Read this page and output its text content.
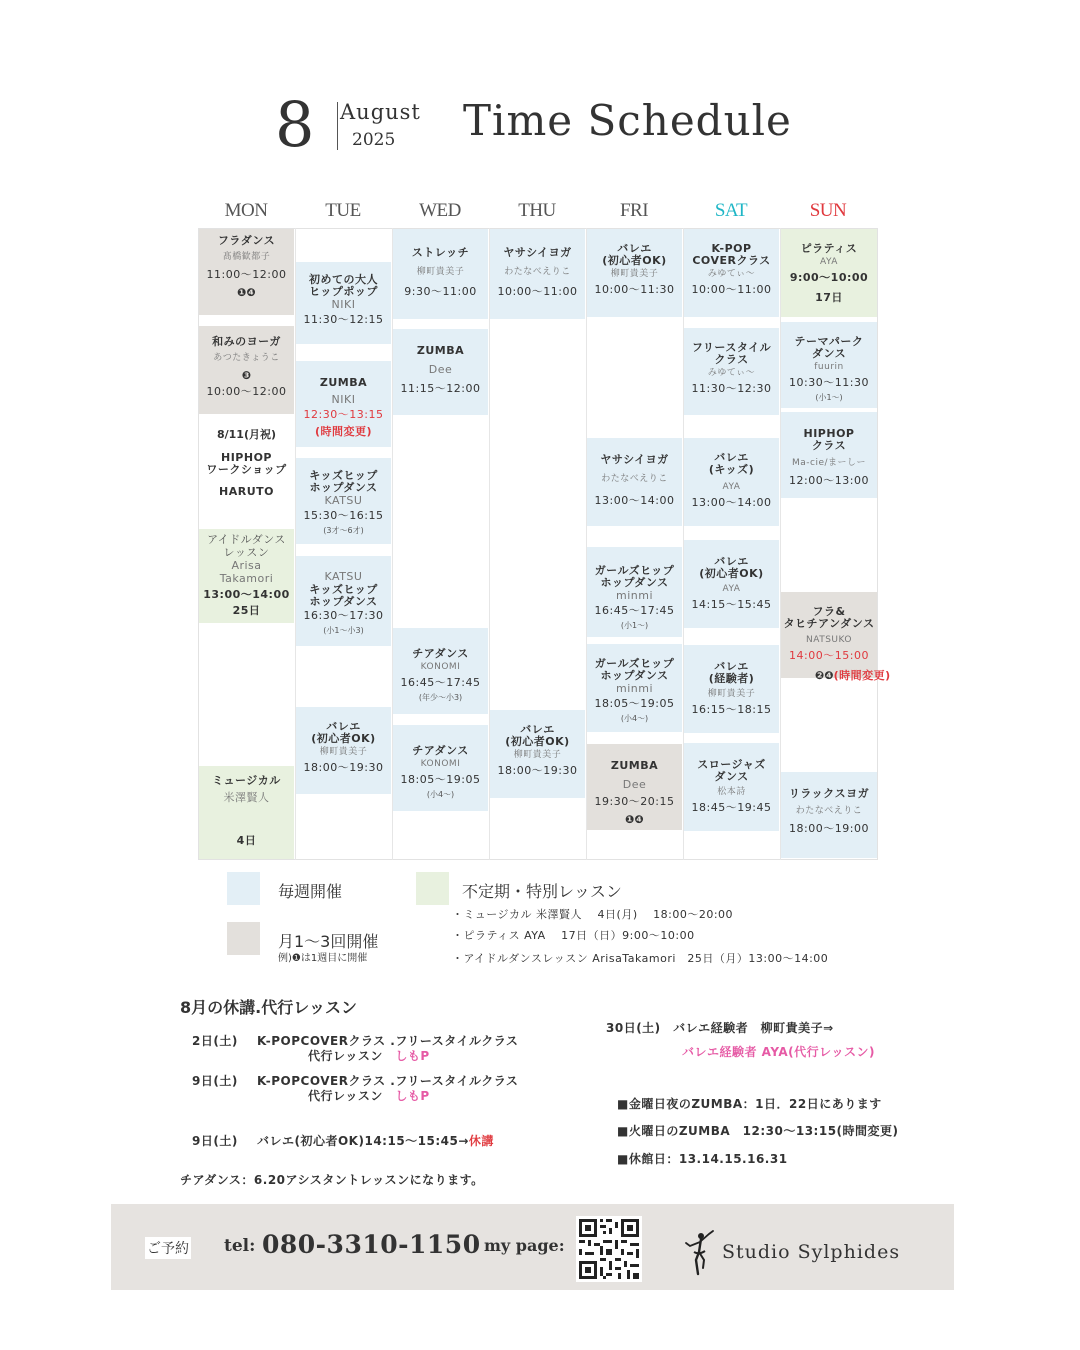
8 August
2025 Time Schedule
MON	TUE	WED	THU	FRI	SAT	SUN
フラダンス
髙橋歓都子
11:00〜12:00
❶❹
和みのヨーガ
あつたきょうこ
❸
10:00〜12:00
8/11(月祝)
HIPHOP
ワークショップ
HARUTO
アイドルダンス
レッスン
Arisa
Takamori
13:00〜14:00
25日
ミュージカル
米澤賢人
4日
初めての大人
ヒップポップ
NIKI
11:30〜12:15
ZUMBA
NIKI
12:30〜13:15
(時間変更)
キッズヒップ
ホップダンス
KATSU
15:30〜16:15
(3才〜6才)
KATSU
キッズヒップ
ホップダンス
16:30〜17:30
(小1〜小3)
バレエ
(初心者OK)
柳町貴美子
18:00〜19:30
ストレッチ
柳町貴美子
9:30〜11:00
ZUMBA
Dee
11:15〜12:00
チアダンス
KONOMI
16:45〜17:45
(年少〜小3)
チアダンス
KONOMI
18:05〜19:05
(小4〜)
ヤサシイヨガ
わたなべえりこ
10:00〜11:00
バレエ
(初心者OK)
柳町貴美子
18:00〜19:30
バレエ
(初心者OK)
柳町貴美子
10:00〜11:30
ヤサシイヨガ
わたなべえりこ
13:00〜14:00
ガールズヒップ
ホップダンス
minmi
16:45〜17:45
(小1〜)
ガールズヒップ
ホップダンス
minmi
18:05〜19:05
(小4〜)
ZUMBA
Dee
19:30〜20:15
❶❹
K-POP
COVERクラス
みゆてぃ〜
10:00〜11:00
フリースタイル
クラス
みゆてぃ〜
11:30〜12:30
バレエ
(キッズ)
AYA
13:00〜14:00
バレエ
(初心者OK)
AYA
14:15〜15:45
バレエ
(経験者)
柳町貴美子
16:15〜18:15
スロージャズ
ダンス
松本詩
18:45〜19:45
ピラティス
AYA
9:00〜10:00
17日
テーマパーク
ダンス
fuurin
10:30〜11:30
(小1〜)
HIPHOP
クラス
Ma-cie/まーしー
12:00〜13:00
フラ&
タヒチアンダンス
NATSUKO
14:00〜15:00
❷❹(時間変更)
リラックスヨガ
わたなべえりこ
18:00〜19:00
毎週開催
月1〜3回開催
例)❶は1週目に開催
不定期・特別レッスン
・ミュージカル 米澤賢人　 4日(月)　 18:00〜20:00
・ピラティス AYA　 17日（日）9:00〜10:00
・アイドルダンスレッスン ArisaTakamori　25日（月）13:00〜14:00
8月の休講.代行レッスン
2日(土) K-POPCOVERクラス .フリースタイルクラス
代行レッスン　 しもP
9日(土) K-POPCOVERクラス .フリースタイルクラス
代行レッスン　 しもP
9日(土) バレエ(初心者OK)14:15〜15:45→休講
チアダンス：6.20アシスタントレッスンになります。
30日(土)　バレエ経験者　柳町貴美子⇒
バレエ経験者 AYA(代行レッスン)
■金曜日夜のZUMBA：1日．22日にあります
■火曜日のZUMBA　12:30〜13:15(時間変更)
■休館日：13.14.15.16.31
ご予約 tel: 080-3310-1150 my page:	Studio Sylphides
